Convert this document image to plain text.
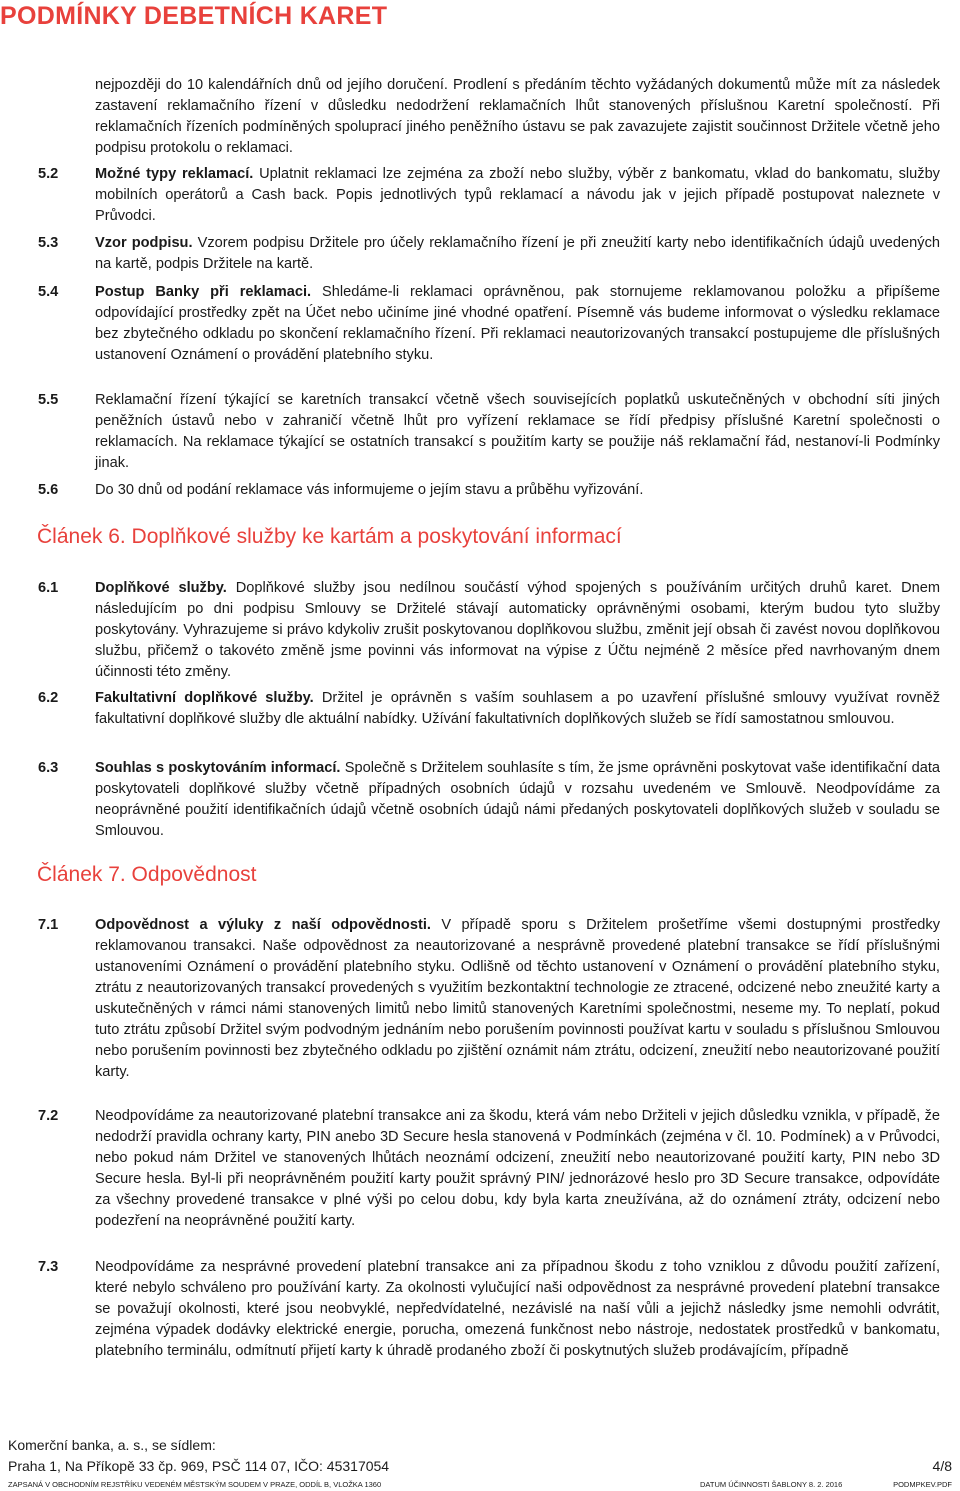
PODMÍNKY DEBETNÍCH KARET

nejpozději do 10 kalendářních dnů od jejího doručení. Prodlení s předáním těchto vyžádaných dokumentů může mít za následek zastavení reklamačního řízení v důsledku nedodržení reklamačních lhůt stanovených příslušnou Karetní společností. Při reklamačních řízeních podmíněných spoluprací jiného peněžního ústavu se pak zavazujete zajistit součinnost Držitele včetně jeho podpisu protokolu o reklamaci.

5.2	Možné typy reklamací. Uplatnit reklamaci lze zejména za zboží nebo služby, výběr z bankomatu, vklad do bankomatu, služby mobilních operátorů a Cash back. Popis jednotlivých typů reklamací a návodu jak v jejich případě postupovat naleznete v Průvodci.

5.3	Vzor podpisu. Vzorem podpisu Držitele pro účely reklamačního řízení je při zneužití karty nebo identifikačních údajů uvedených na kartě, podpis Držitele na kartě.

5.4	Postup Banky při reklamaci. Shledáme-li reklamaci oprávněnou, pak stornujeme reklamovanou položku a připíšeme odpovídající prostředky zpět na Účet nebo učiníme jiné vhodné opatření. Písemně vás budeme informovat o výsledku reklamace bez zbytečného odkladu po skončení reklamačního řízení. Při reklamaci neautorizovaných transakcí postupujeme dle příslušných ustanovení Oznámení o provádění platebního styku.

5.5	Reklamační řízení týkající se karetních transakcí včetně všech souvisejících poplatků uskutečněných v obchodní síti jiných peněžních ústavů nebo v zahraničí včetně lhůt pro vyřízení reklamace se řídí předpisy příslušné Karetní společnosti o reklamacích. Na reklamace týkající se ostatních transakcí s použitím karty se použije náš reklamační řád, nestanoví-li Podmínky jinak.

5.6	Do 30 dnů od podání reklamace vás informujeme o jejím stavu a průběhu vyřizování.

Článek 6. Doplňkové služby ke kartám a poskytování informací
6.1	Doplňkové služby. Doplňkové služby jsou nedílnou součástí výhod spojených s používáním určitých druhů karet. Dnem následujícím po dni podpisu Smlouvy se Držitelé stávají automaticky oprávněnými osobami, kterým budou tyto služby poskytovány. Vyhrazujeme si právo kdykoliv zrušit poskytovanou doplňkovou službu, změnit její obsah či zavést novou doplňkovou službu, přičemž o takovéto změně jsme povinni vás informovat na výpise z Účtu nejméně 2 měsíce před navrhovaným dnem účinnosti této změny.

6.2	Fakultativní doplňkové služby. Držitel je oprávněn s vaším souhlasem a po uzavření příslušné smlouvy využívat rovněž fakultativní doplňkové služby dle aktuální nabídky. Užívání fakultativních doplňkových služeb se řídí samostatnou smlouvou.

6.3	Souhlas s poskytováním informací. Společně s Držitelem souhlasíte s tím, že jsme oprávněni poskytovat vaše identifikační data poskytovateli doplňkové služby včetně případných osobních údajů v rozsahu uvedeném ve Smlouvě. Neodpovídáme za neoprávněné použití identifikačních údajů včetně osobních údajů námi předaných poskytovateli doplňkových služeb v souladu se Smlouvou.

Článek 7. Odpovědnost
7.1	Odpovědnost a výluky z naší odpovědnosti. V případě sporu s Držitelem prošetříme všemi dostupnými prostředky reklamovanou transakci. Naše odpovědnost za neautorizované a nesprávně provedené platební transakce se řídí příslušnými ustanoveními Oznámení o provádění platebního styku. Odlišně od těchto ustanovení v Oznámení o provádění platebního styku, ztrátu z neautorizovaných transakcí provedených s využitím bezkontaktní technologie ze ztracené, odcizené nebo zneužité karty a uskutečněných v rámci námi stanovených limitů nebo limitů stanovených Karetními společnostmi, neseme my. To neplatí, pokud tuto ztrátu způsobí Držitel svým podvodným jednáním nebo porušením povinnosti používat kartu v souladu s příslušnou Smlouvou nebo porušením povinnosti bez zbytečného odkladu po zjištění oznámit nám ztrátu, odcizení, zneužití nebo neautorizované použití karty.

7.2	Neodpovídáme za neautorizované platební transakce ani za škodu, která vám nebo Držiteli v jejich důsledku vznikla, v případě, že nedodrží pravidla ochrany karty, PIN anebo 3D Secure hesla stanovená v Podmínkách (zejména v čl. 10. Podmínek) a v Průvodci, nebo pokud nám Držitel ve stanovených lhůtách neoznámí odcizení, zneužití nebo neautorizované použití karty, PIN nebo 3D Secure hesla. Byl-li při neoprávněném použití karty použit správný PIN/ jednorázové heslo pro 3D Secure transakce, odpovídáte za všechny provedené transakce v plné výši po celou dobu, kdy byla karta zneužívána, až do oznámení ztráty, odcizení nebo podezření na neoprávněné použití karty.

7.3	Neodpovídáme za nesprávné provedení platební transakce ani za případnou škodu z toho vzniklou z důvodu použití zařízení, které nebylo schváleno pro používání karty. Za okolnosti vylučující naši odpovědnost za nesprávné provedení platební transakce se považují okolnosti, které jsou neobvyklé, nepředvídatelné, nezávislé na naší vůli a jejichž následky jsme nemohli odvrátit, zejména výpadek dodávky elektrické energie, porucha, omezená funkčnost nebo nástroje, nedostatek prostředků v bankomatu, platebního terminálu, odmítnutí přijetí karty k úhradě prodaného zboží či poskytnutých služeb prodávajícím, případně

Komerční banka, a. s., se sídlem:

Praha 1, Na Příkopě 33 čp. 969, PSČ 114 07, IČO: 45317054	4/8

ZAPSANÁ V OBCHODNÍM REJSTŘÍKU VEDENÉM MĚSTSKÝM SOUDEM V PRAZE, ODDÍL B, VLOŽKA 1360	DATUM ÚČINNOSTI ŠABLONY 8. 2. 2016	PODMPKEV.PDF
